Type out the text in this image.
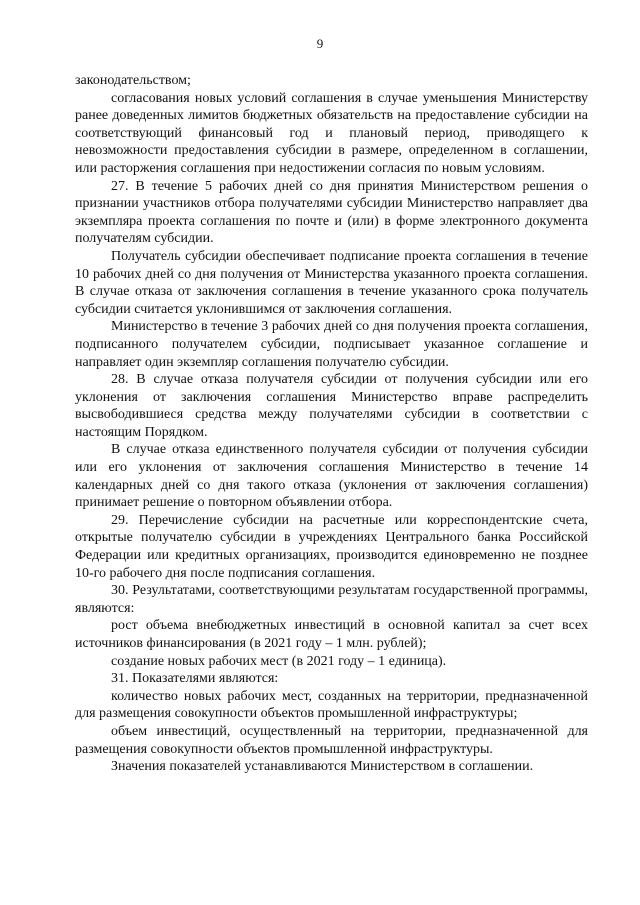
9

законодательством;

согласования новых условий соглашения в случае уменьшения Министерству ранее доведенных лимитов бюджетных обязательств на предоставление субсидии на соответствующий финансовый год и плановый период, приводящего к невозможности предоставления субсидии в размере, определенном в соглашении, или расторжения соглашения при недостижении согласия по новым условиям.

27. В течение 5 рабочих дней со дня принятия Министерством решения о признании участников отбора получателями субсидии Министерство направляет два экземпляра проекта соглашения по почте и (или) в форме электронного документа получателям субсидии.

Получатель субсидии обеспечивает подписание проекта соглашения в течение 10 рабочих дней со дня получения от Министерства указанного проекта соглашения. В случае отказа от заключения соглашения в течение указанного срока получатель субсидии считается уклонившимся от заключения соглашения.

Министерство в течение 3 рабочих дней со дня получения проекта соглашения, подписанного получателем субсидии, подписывает указанное соглашение и направляет один экземпляр соглашения получателю субсидии.

28. В случае отказа получателя субсидии от получения субсидии или его уклонения от заключения соглашения Министерство вправе распределить высвободившиеся средства между получателями субсидии в соответствии с настоящим Порядком.

В случае отказа единственного получателя субсидии от получения субсидии или его уклонения от заключения соглашения Министерство в течение 14 календарных дней со дня такого отказа (уклонения от заключения соглашения) принимает решение о повторном объявлении отбора.

29. Перечисление субсидии на расчетные или корреспондентские счета, открытые получателю субсидии в учреждениях Центрального банка Российской Федерации или кредитных организациях, производится единовременно не позднее 10-го рабочего дня после подписания соглашения.

30. Результатами, соответствующими результатам государственной программы, являются:

рост объема внебюджетных инвестиций в основной капитал за счет всех источников финансирования (в 2021 году – 1 млн. рублей);

создание новых рабочих мест (в 2021 году – 1 единица).

31. Показателями являются:

количество новых рабочих мест, созданных на территории, предназначенной для размещения совокупности объектов промышленной инфраструктуры;

объем инвестиций, осуществленный на территории, предназначенной для размещения совокупности объектов промышленной инфраструктуры.

Значения показателей устанавливаются Министерством в соглашении.
